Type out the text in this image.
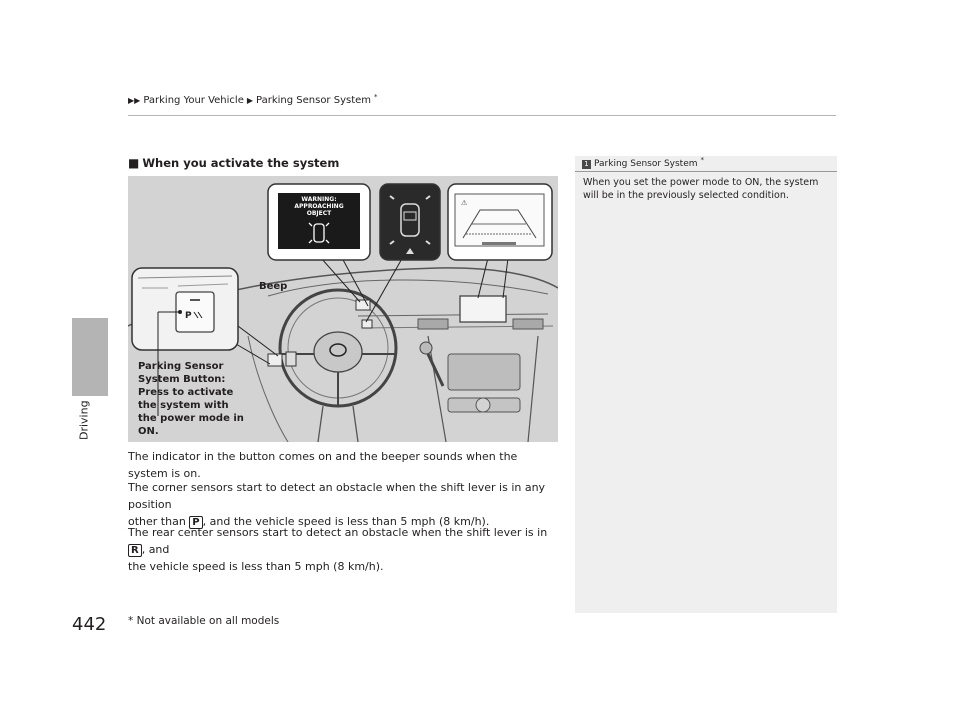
Driving
▶▶ Parking Your Vehicle ▶ Parking Sensor System *
■ When you activate the system
⚠
P
WARNING:
APPROACHING
OBJECT
Beep
Parking Sensor
System Button:
Press to activate
the system with
the power mode in
ON.
The indicator in the button comes on and the beeper sounds when the system is on.
The corner sensors start to detect an obstacle when the shift lever is in any position
other than P , and the vehicle speed is less than 5 mph (8 km/h).
The rear center sensors start to detect an obstacle when the shift lever is in R , and
the vehicle speed is less than 5 mph (8 km/h).
1 Parking Sensor System *
When you set the power mode to ON, the system will be in the previously selected condition.
442 * Not available on all models
